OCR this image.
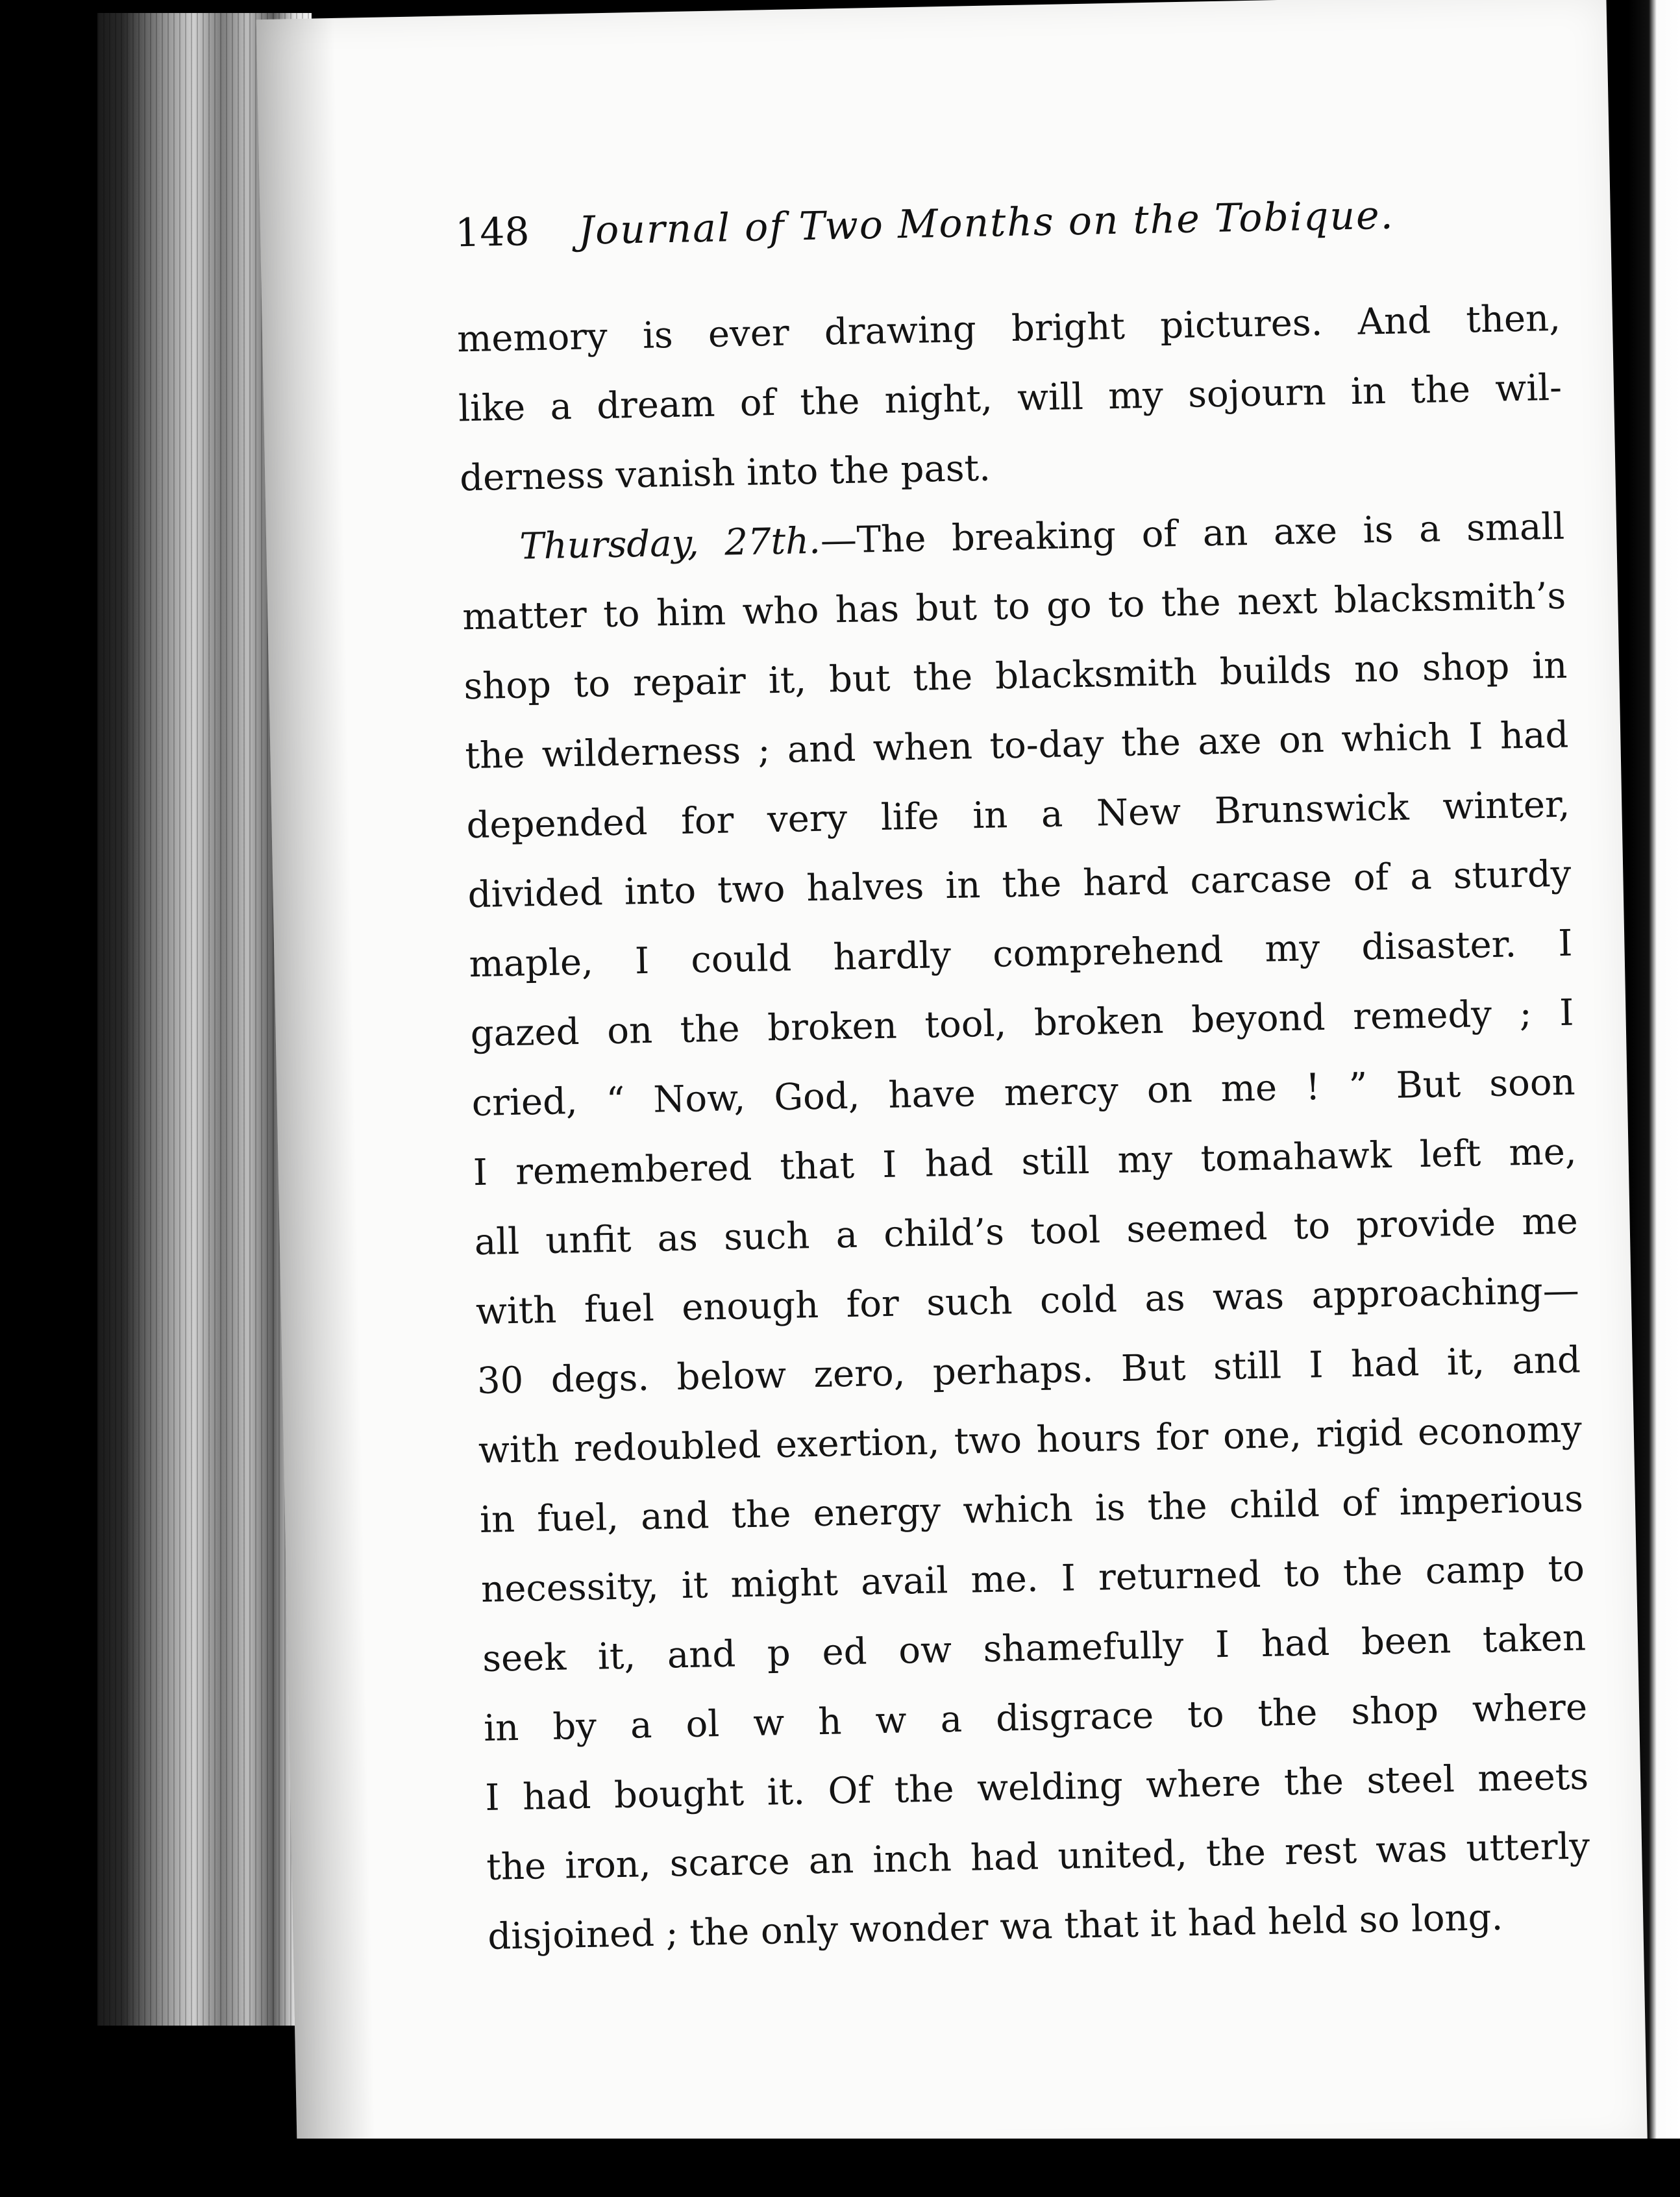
148 Journal of Two Months on the Tobique.
memory is ever drawing bright pictures. And then,
like a dream of the night, will my sojourn in the wil-
derness vanish into the past.
Thursday, 27th.—The breaking of an axe is a small
matter to him who has but to go to the next blacksmith’s
shop to repair it, but the blacksmith builds no shop in
the wilderness ; and when to-day the axe on which I had
depended for very life in a New Brunswick winter,
divided into two halves in the hard carcase of a sturdy
maple, I could hardly comprehend my disaster. I
gazed on the broken tool, broken beyond remedy ; I
cried, “ Now, God, have mercy on me ! ” But soon
I remembered that I had still my tomahawk left me,
all unfit as such a child’s tool seemed to provide me
with fuel enough for such cold as was approaching—
30 degs. below zero, perhaps. But still I had it, and
with redoubled exertion, two hours for one, rigid economy
in fuel, and the energy which is the child of imperious
necessity, it might avail me. I returned to the camp to
seek it, and p ed ow shamefully I had been taken
in by a ol w h w a disgrace to the shop where
I had bought it. Of the welding where the steel meets
the iron, scarce an inch had united, the rest was utterly
disjoined ; the only wonder wa that it had held so long.
